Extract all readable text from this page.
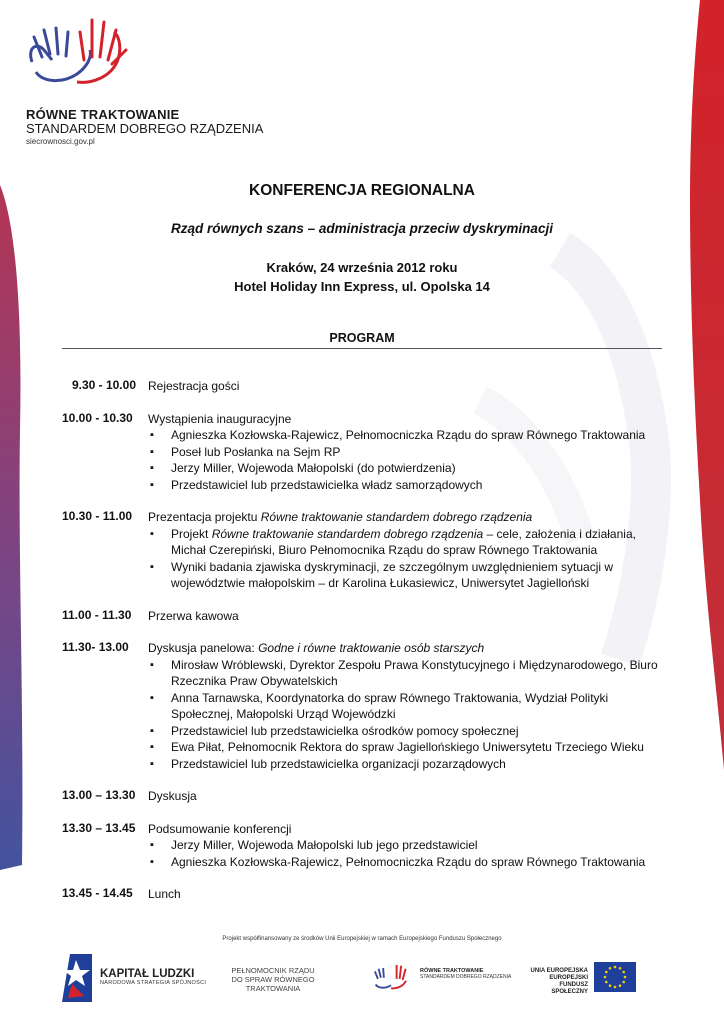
RÓWNE TRAKTOWANIE
STANDARDEM DOBREGO RZĄDZENIA
siecrownosci.gov.pl
KONFERENCJA REGIONALNA
Rząd równych szans – administracja przeciw dyskryminacji
Kraków, 24 września 2012 roku
Hotel Holiday Inn Express, ul. Opolska 14
PROGRAM
9.30 - 10.00 Rejestracja gości
10.00 - 10.30 Wystąpienia inauguracyjne
▪ Agnieszka Kozłowska-Rajewicz, Pełnomocniczka Rządu do spraw Równego Traktowania
▪ Poseł lub Posłanka na Sejm RP
▪ Jerzy Miller, Wojewoda Małopolski (do potwierdzenia)
▪ Przedstawiciel lub przedstawicielka władz samorządowych
10.30 - 11.00	Prezentacja projektu Równe traktowanie standardem dobrego rządzenia
▪ Projekt Równe traktowanie standardem dobrego rządzenia – cele, założenia i działania, Michał Czerepiński, Biuro Pełnomocnika Rządu do spraw Równego Traktowania
▪ Wyniki badania zjawiska dyskryminacji, ze szczególnym uwzględnieniem sytuacji w województwie małopolskim – dr Karolina Łukasiewicz, Uniwersytet Jagielloński
11.00 - 11.30	Przerwa kawowa
11.30- 13.00	Dyskusja panelowa: Godne i równe traktowanie osób starszych
▪ Mirosław Wróblewski, Dyrektor Zespołu Prawa Konstytucyjnego i Międzynarodowego, Biuro Rzecznika Praw Obywatelskich
▪ Anna Tarnawska, Koordynatorka do spraw Równego Traktowania, Wydział Polityki Społecznej, Małopolski Urząd Wojewódzki
▪ Przedstawiciel lub przedstawicielka ośrodków pomocy społecznej
▪ Ewa Piłat, Pełnomocnik Rektora do spraw Jagiellońskiego Uniwersytetu Trzeciego Wieku
▪ Przedstawiciel lub przedstawicielka organizacji pozarządowych
13.00 – 13.30 Dyskusja
13.30 – 13.45 Podsumowanie konferencji
▪ Jerzy Miller, Wojewoda Małopolski lub jego przedstawiciel
▪ Agnieszka Kozłowska-Rajewicz, Pełnomocniczka Rządu do spraw Równego Traktowania
13.45 - 14.45 Lunch
Projekt współfinansowany ze środków Unii Europejskiej w ramach Europejskiego Funduszu Społecznego
KAPITAŁ LUDZKI
NARODOWA STRATEGIA SPÓJNOŚCI
PEŁNOMOCNIK RZĄDU
DO SPRAW RÓWNEGO TRAKTOWANIA
RÓWNE TRAKTOWANIE
STANDARDEM DOBREGO RZĄDZENIA
UNIA EUROPEJSKA
EUROPEJSKI
FUNDUSZ SPOŁECZNY
